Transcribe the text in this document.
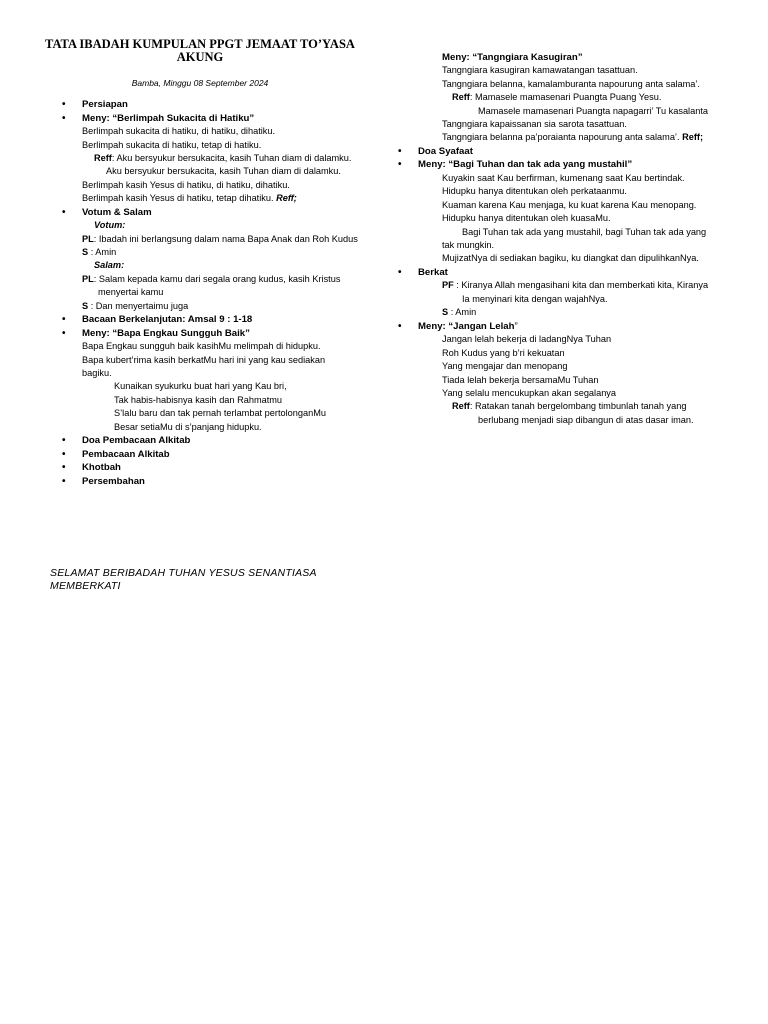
TATA IBADAH KUMPULAN PPGT JEMAAT TO’YASA AKUNG
Bamba, Minggu 08 September 2024
• Persiapan
• Meny: “Berlimpah Sukacita di Hatiku”
Berlimpah sukacita di hatiku, di hatiku, dihatiku.
Berlimpah sukacita di hatiku, tetap di hatiku.
Reff: Aku bersyukur bersukacita, kasih Tuhan diam di dalamku.
Aku bersyukur bersukacita, kasih Tuhan diam di dalamku.
Berlimpah kasih Yesus di hatiku, di hatiku, dihatiku.
Berlimpah kasih Yesus di hatiku, tetap dihatiku. Reff;
• Votum & Salam
Votum:
PL: Ibadah ini berlangsung dalam nama Bapa Anak dan Roh Kudus
S : Amin
Salam:
PL: Salam kepada kamu dari segala orang kudus, kasih Kristus
menyertai kamu
S : Dan menyertaimu juga
• Bacaan Berkelanjutan: Amsal 9 : 1-18
• Meny: “Bapa Engkau Sungguh Baik”
Bapa Engkau sungguh baik kasihMu melimpah di hidupku.
Bapa kubert’rima kasih berkatMu hari ini yang kau sediakan
bagiku.
Kunaikan syukurku buat hari yang Kau bri,
Tak habis-habisnya kasih dan Rahmatmu
S’lalu baru dan tak pernah terlambat pertolonganMu
Besar setiaMu di s’panjang hidupku.
• Doa Pembacaan Alkitab
• Pembacaan Alkitab
• Khotbah
• Persembahan
Meny: “Tangngiara Kasugiran”
Tangngiara kasugiran kamawatangan tasattuan.
Tangngiara belanna, kamalamburanta napourung anta salama’.
Reff: Mamasele mamasenari Puangta Puang Yesu.
Mamasele mamasenari Puangta napagarri’ Tu kasalanta
Tangngiara kapaissanan sia sarota tasattuan.
Tangngiara belanna pa’poraianta napourung anta salama’. Reff;
• Doa Syafaat
• Meny: “Bagi Tuhan dan tak ada yang mustahil”
Kuyakin saat Kau berfirman, kumenang saat Kau bertindak.
Hidupku hanya ditentukan oleh perkataanmu.
Kuaman karena Kau menjaga, ku kuat karena Kau menopang.
Hidupku hanya ditentukan oleh kuasaMu.
Bagi Tuhan tak ada yang mustahil, bagi Tuhan tak ada yang
tak mungkin.
MujizatNya di sediakan bagiku, ku diangkat dan dipulihkanNya.
• Berkat
PF : Kiranya Allah mengasihani kita dan memberkati kita, Kiranya
Ia menyinari kita dengan wajahNya.
S : Amin
• Meny: “Jangan Lelah”
Jangan lelah bekerja di ladangNya Tuhan
Roh Kudus yang b’ri kekuatan
Yang mengajar dan menopang
Tiada lelah bekerja bersamaMu Tuhan
Yang selalu mencukupkan akan segalanya
Reff: Ratakan tanah bergelombang timbunlah tanah yang
berlubang menjadi siap dibangun di atas dasar iman.
SELAMAT BERIBADAH TUHAN YESUS SENANTIASA
MEMBERKATI
